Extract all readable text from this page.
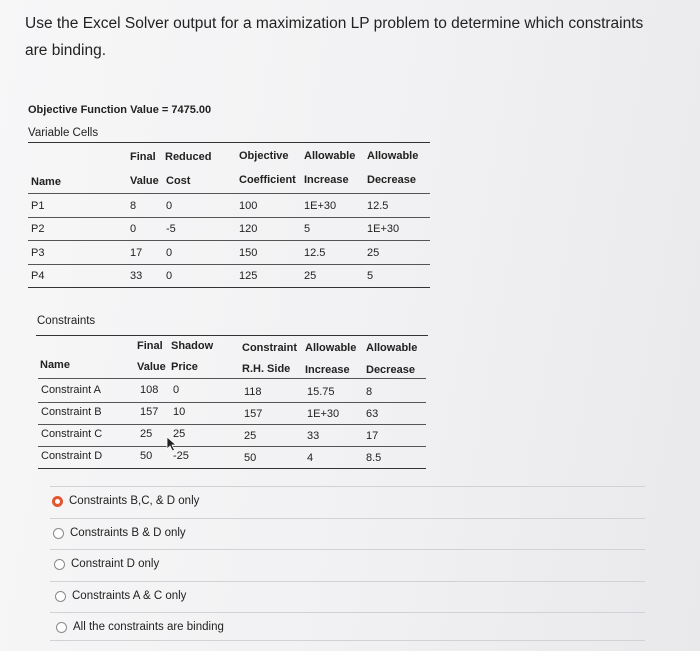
Use the Excel Solver output for a maximization LP problem to determine which constraints are binding.
Objective Function Value = 7475.00
Variable Cells
Final Reduced	Objective Allowable Allowable
Name	Value Cost	Coefficient Increase Decrease
P1	8	0	100	1E+30	12.5
P2	0	-5	120	5	1E+30
P3	17 0	150	12.5	25
P4	33 0	125	25	5
Constraints
Final Shadow	Constraint Allowable Allowable
Name	Value Price	R.H. Side Increase Decrease
Constraint A	108 0	118	15.75	8
Constraint B	157 10	157	1E+30 63
Constraint C	25 25	25	33	17
Constraint D	50 -25	50	4	8.5
Constraints B,C, & D only
Constraints B & D only
Constraint D only
Constraints A & C only
All the constraints are binding
